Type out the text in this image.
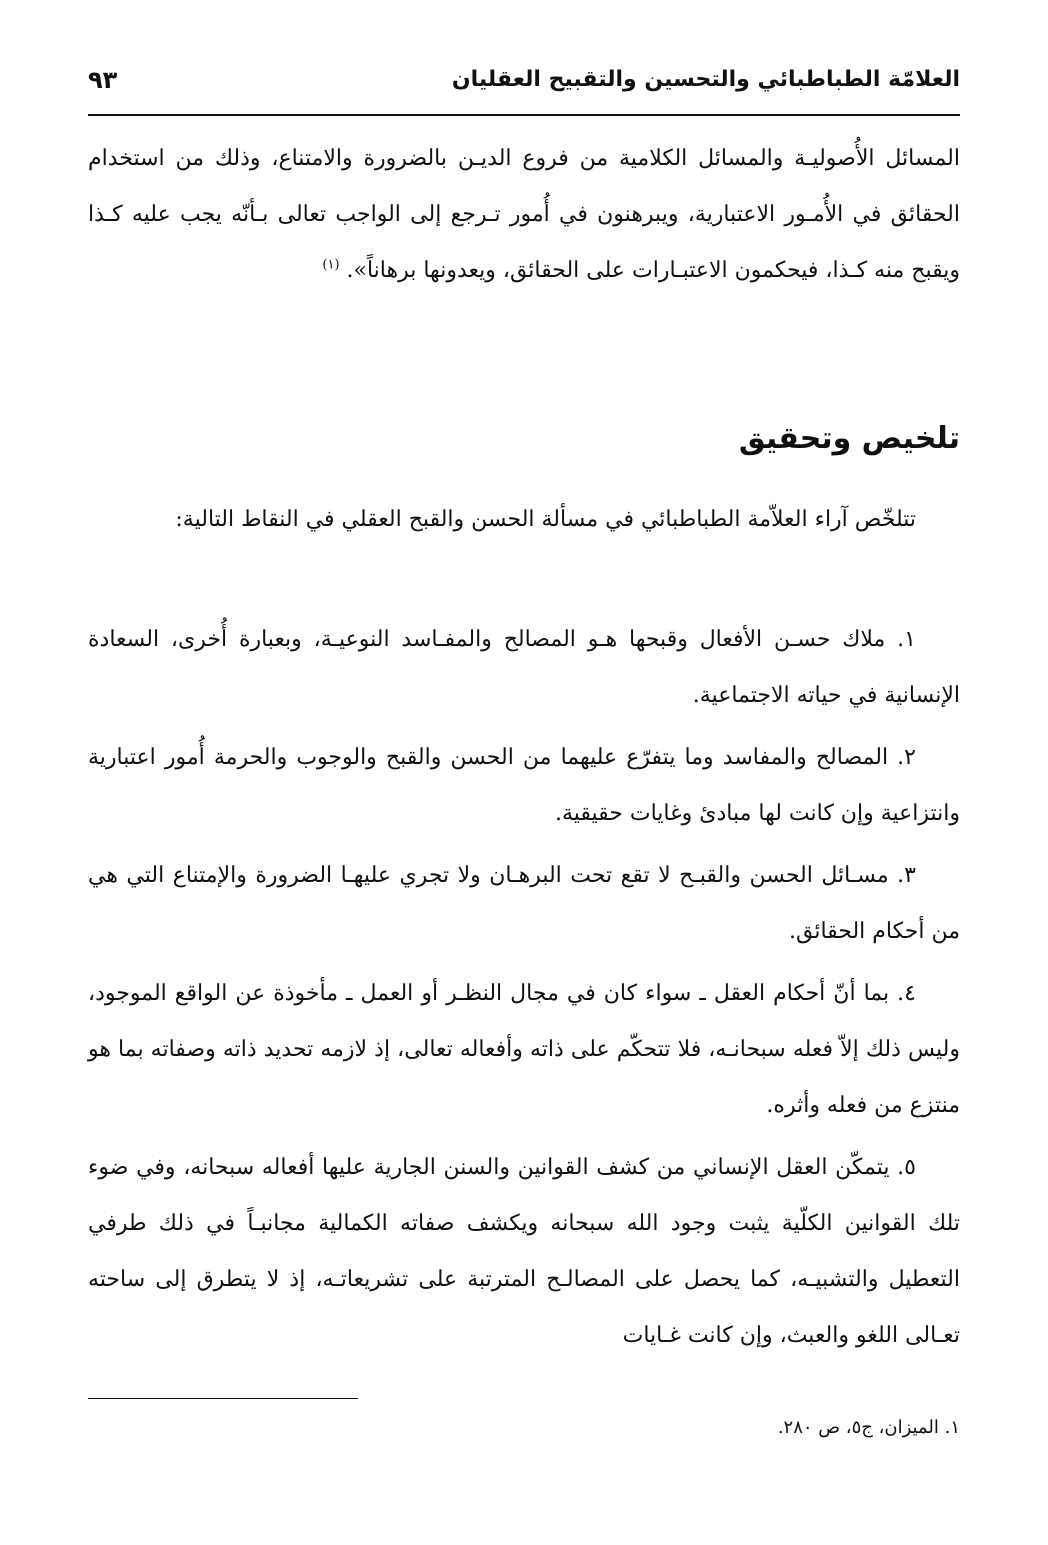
العلامّة الطباطبائي والتحسين والتقبيح العقليان
٩٣

المسائل الأُصوليـة والمسائل الكلامية من فروع الديـن بالضرورة والامتناع، وذلك من استخدام الحقائق في الأُمـور الاعتبارية، ويبرهنون في أُمور تـرجع إلى الواجب تعالى بـأنّه يجب عليه كـذا ويقبح منه كـذا، فيحكمون الاعتبـارات على الحقائق، ويعدونها برهاناً». $^{(١)}$

تلخيص وتحقيق

تتلخّص آراء العلاّمة الطباطبائي في مسألة الحسن والقبح العقلي في النقاط التالية:

١. ملاك حسـن الأفعال وقبحها هـو المصالح والمفـاسد النوعيـة، وبعبارة أُخرى، السعادة الإنسانية في حياته الاجتماعية.

٢. المصالح والمفاسد وما يتفرّع عليهما من الحسن والقبح والوجوب والحرمة أُمور اعتبارية وانتزاعية وإن كانت لها مبادئ وغايات حقيقية.

٣. مسـائل الحسن والقبـح لا تقع تحت البرهـان ولا تجري عليهـا الضرورة والإمتناع التي هي من أحكام الحقائق.

٤. بما أنّ أحكام العقل ـ سواء كان في مجال النظـر أو العمل ـ مأخوذة عن الواقع الموجود، وليس ذلك إلاّ فعله سبحانـه، فلا تتحكّم على ذاته وأفعاله تعالى، إذ لازمه تحديد ذاته وصفاته بما هو منتزع من فعله وأثره.

٥. يتمكّن العقل الإنساني من كشف القوانين والسنن الجارية عليها أفعاله سبحانه، وفي ضوء تلك القوانين الكلّية يثبت وجود الله سبحانه ويكشف صفاته الكمالية مجانبـاً في ذلك طرفي التعطيل والتشبيـه، كما يحصل على المصالـح المترتبة على تشريعاتـه، إذ لا يتطرق إلى ساحته تعـالى اللغو والعبث، وإن كانت غـايات

١. الميزان، ج٥، ص ٢٨٠.
